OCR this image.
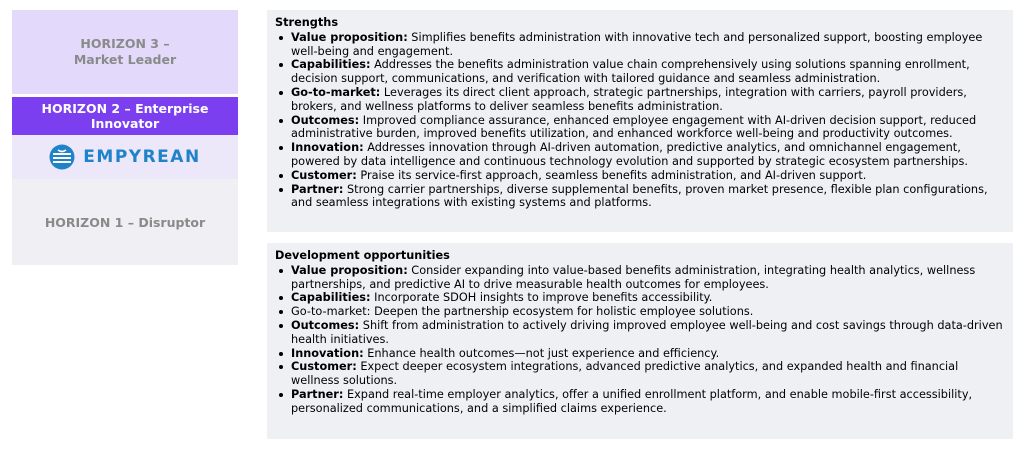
HORIZON 3 –
Market Leader
HORIZON 2 – Enterprise
Innovator
EMPYREAN
HORIZON 1 – Disruptor
Strengths
Value proposition: Simplifies benefits administration with innovative tech and personalized support, boosting employee well-being and engagement.
Capabilities: Addresses the benefits administration value chain comprehensively using solutions spanning enrollment, decision support, communications, and verification with tailored guidance and seamless administration.
Go-to-market: Leverages its direct client approach, strategic partnerships, integration with carriers, payroll providers, brokers, and wellness platforms to deliver seamless benefits administration.
Outcomes: Improved compliance assurance, enhanced employee engagement with AI-driven decision support, reduced administrative burden, improved benefits utilization, and enhanced workforce well-being and productivity outcomes.
Innovation: Addresses innovation through AI-driven automation, predictive analytics, and omnichannel engagement, powered by data intelligence and continuous technology evolution and supported by strategic ecosystem partnerships.
Customer: Praise its service-first approach, seamless benefits administration, and AI-driven support.
Partner: Strong carrier partnerships, diverse supplemental benefits, proven market presence, flexible plan configurations, and seamless integrations with existing systems and platforms.
Development opportunities
Value proposition: Consider expanding into value-based benefits administration, integrating health analytics, wellness partnerships, and predictive AI to drive measurable health outcomes for employees.
Capabilities: Incorporate SDOH insights to improve benefits accessibility.
Go-to-market: Deepen the partnership ecosystem for holistic employee solutions.
Outcomes: Shift from administration to actively driving improved employee well-being and cost savings through data-driven health initiatives.
Innovation: Enhance health outcomes—not just experience and efficiency.
Customer: Expect deeper ecosystem integrations, advanced predictive analytics, and expanded health and financial wellness solutions.
Partner: Expand real-time employer analytics, offer a unified enrollment platform, and enable mobile-first accessibility, personalized communications, and a simplified claims experience.
